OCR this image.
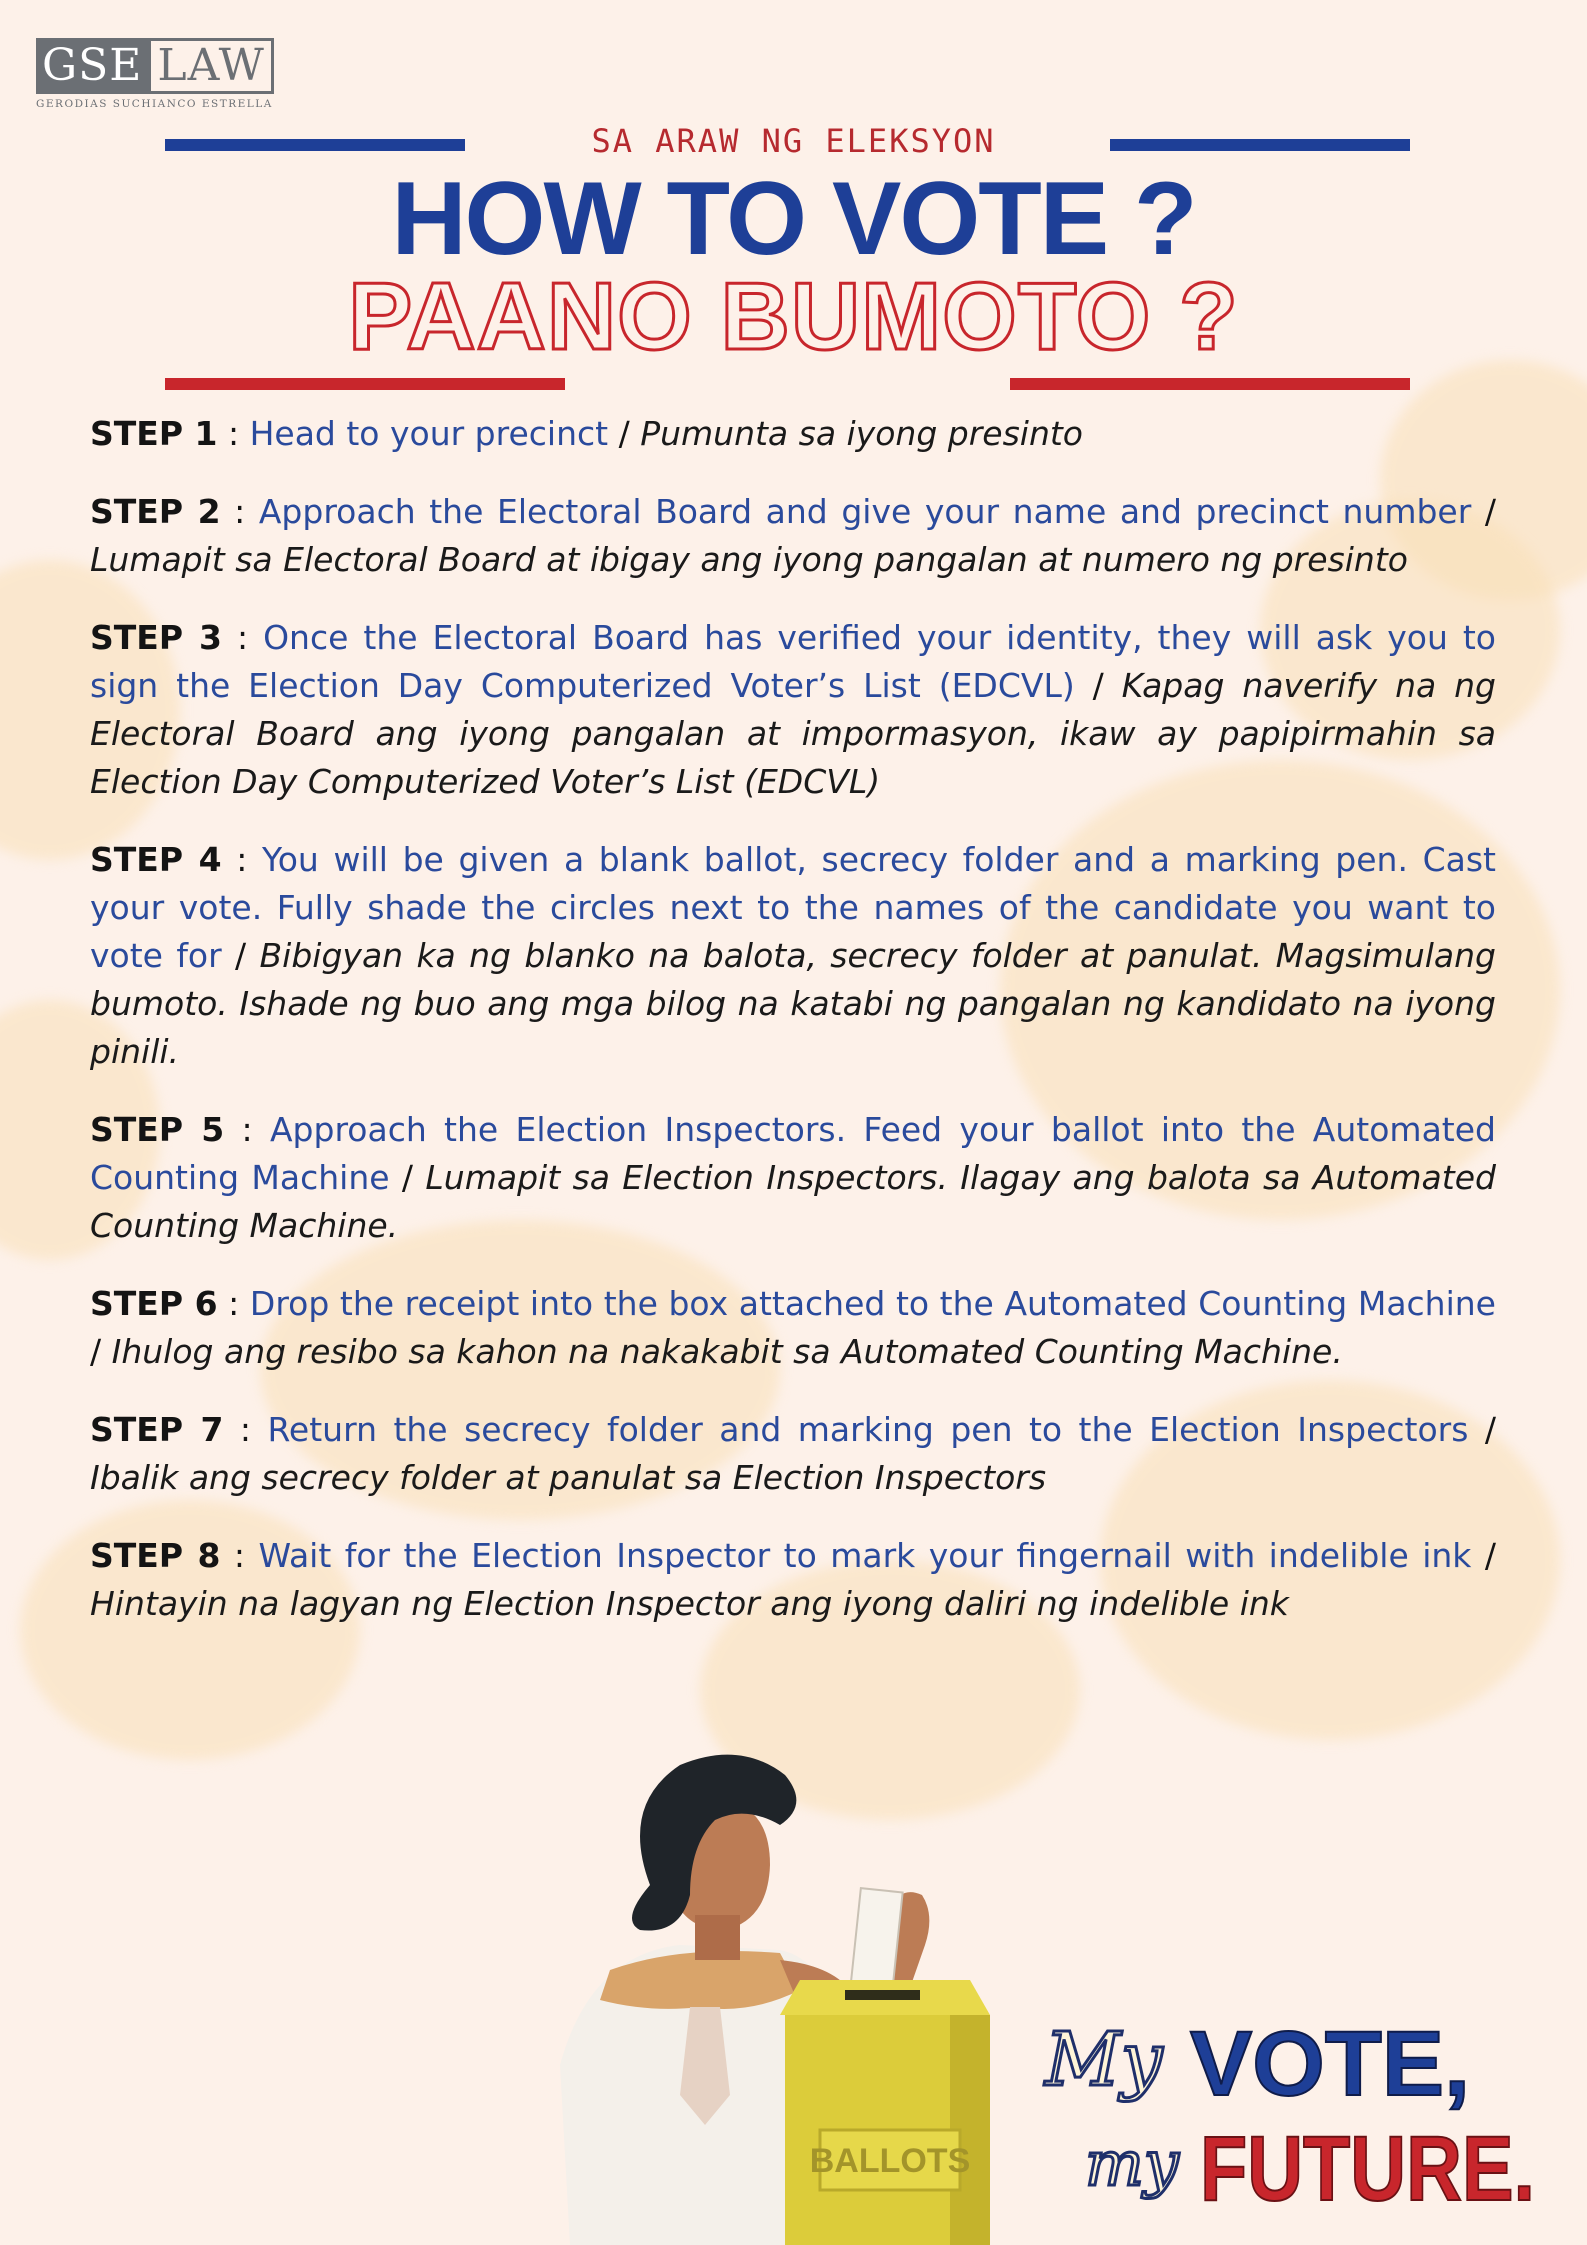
GSE LAW
GERODIAS SUCHIANCO ESTRELLA
SA ARAW NG ELEKSYON
HOW TO VOTE ?
PAANO BUMOTO ?
STEP 1 : Head to your precinct / Pumunta sa iyong presinto
STEP 2 : Approach the Electoral Board and give your name and precinct number / Lumapit sa Electoral Board at ibigay ang iyong pangalan at numero ng presinto
STEP 3 : Once the Electoral Board has verified your identity, they will ask you to sign the Election Day Computerized Voter’s List (EDCVL) / Kapag naverify na ng Electoral Board ang iyong pangalan at impormasyon, ikaw ay papipirmahin sa Election Day Computerized Voter’s List (EDCVL)
STEP 4 : You will be given a blank ballot, secrecy folder and a marking pen. Cast your vote. Fully shade the circles next to the names of the candidate you want to vote for / Bibigyan ka ng blanko na balota, secrecy folder at panulat. Magsimulang bumoto. Ishade ng buo ang mga bilog na katabi ng pangalan ng kandidato na iyong pinili.
STEP 5 : Approach the Election Inspectors. Feed your ballot into the Automated Counting Machine / Lumapit sa Election Inspectors. Ilagay ang balota sa Automated Counting Machine.
STEP 6 : Drop the receipt into the box attached to the Automated Counting Machine / Ihulog ang resibo sa kahon na nakakabit sa Automated Counting Machine.
STEP 7 : Return the secrecy folder and marking pen to the Election Inspectors / Ibalik ang secrecy folder at panulat sa Election Inspectors
STEP 8 : Wait for the Election Inspector to mark your fingernail with indelible ink / Hintayin na lagyan ng Election Inspector ang iyong daliri ng indelible ink
BALLOTS
My VOTE,
my FUTURE.
